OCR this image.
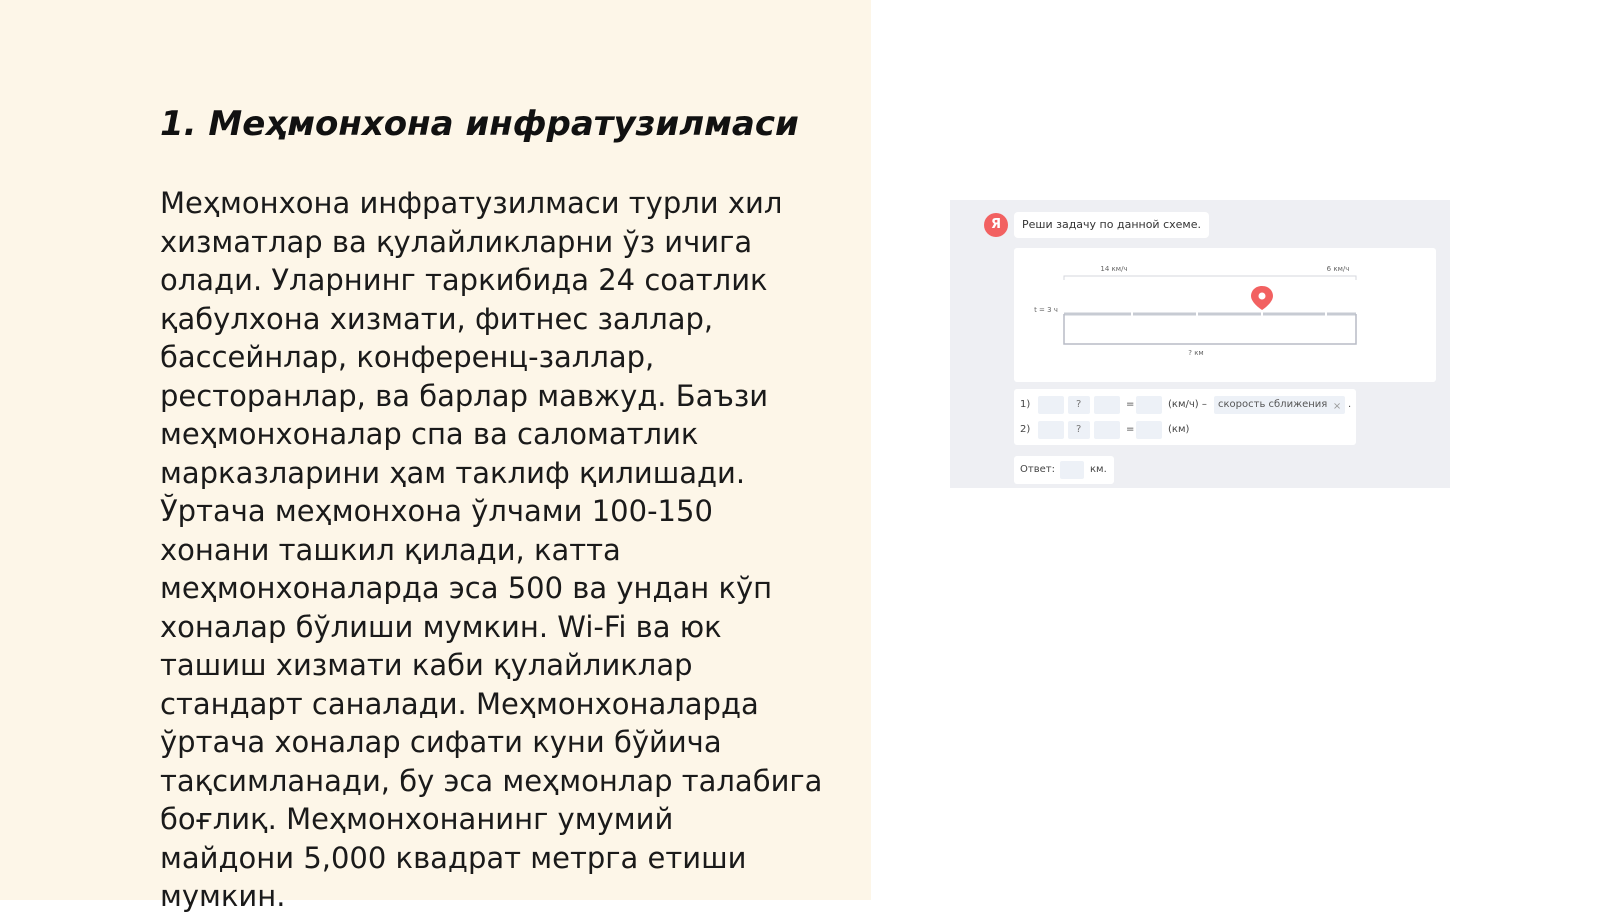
1. Меҳмонхона инфратузилмаси

Меҳмонхона инфратузилмаси турли хил
хизматлар ва қулайликларни ўз ичига
олади. Уларнинг таркибида 24 соатлик
қабулхона хизмати, фитнес заллар,
бассейнлар, конференц-заллар,
ресторанлар, ва барлар мавжуд. Баъзи
меҳмонхоналар спа ва саломатлик
марказларини ҳам таклиф қилишади.
Ўртача меҳмонхона ўлчами 100-150
хонани ташкил қилади, катта
меҳмонхоналарда эса 500 ва ундан кўп
хоналар бўлиши мумкин. Wi-Fi ва юк
ташиш хизмати каби қулайликлар
стандарт саналади. Меҳмонхоналарда
ўртача хоналар сифати куни бўйича
тақсимланади, бу эса меҳмонлар талабига
боғлиқ. Меҳмонхонанинг умумий
майдони 5,000 квадрат метрга етиши
мумкин.

Я	Реши задачу по данной схеме.
14 км/ч	6 км/ч
t = 3 ч
? км
1)	?	=	(км/ч) –	скорость сближения × .
2)	?	=	(км)
Ответ:	км.
